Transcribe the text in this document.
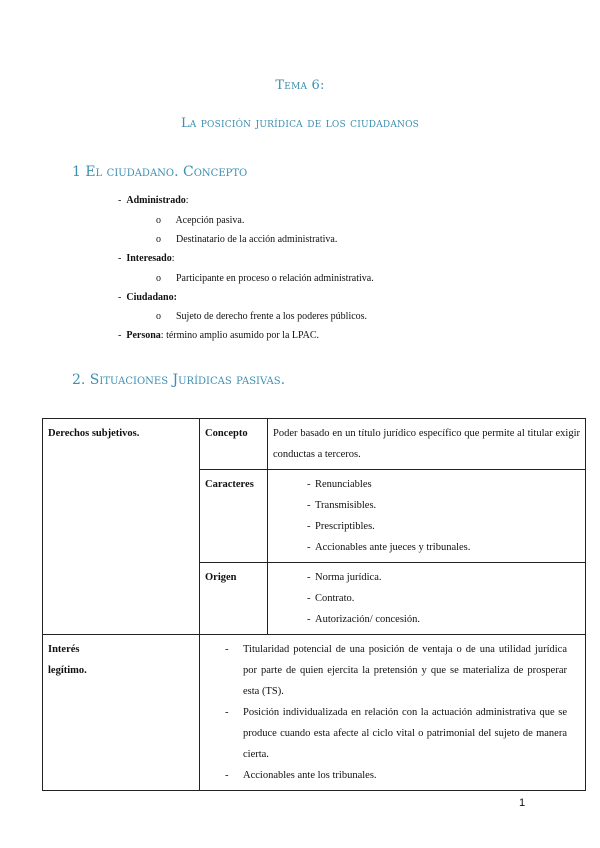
Tema 6:
La posición jurídica de los ciudadanos
1 El ciudadano. Concepto
-  Administrado:
o      Acepción pasiva.
o      Destinatario de la acción administrativa.
-  Interesado:
o      Participante en proceso o relación administrativa.
-  Ciudadano:
o      Sujeto de derecho frente a los poderes públicos.
-  Persona: término amplio asumido por la LPAC.
2. Situaciones Jurídicas pasivas.
Derechos subjetivos.	Concepto	Poder basado en un título jurídico específico que permite al titular exigir conductas a terceros.
	Caracteres	- Renunciables
- Transmisibles.
- Prescriptibles.
- Accionables ante jueces y tribunales.

	Origen	- Norma jurídica.
- Contrato.
- Autorización/ concesión.

Interés
legítimo.	- Titularidad potencial de una posición de ventaja o de una utilidad jurídica por parte de quien ejercita la pretensión y que se materializa de prosperar esta (TS).
- Posición individualizada en relación con la actuación administrativa que se produce cuando esta afecte al ciclo vital o patrimonial del sujeto de manera cierta.
- Accionables ante los tribunales.
1
